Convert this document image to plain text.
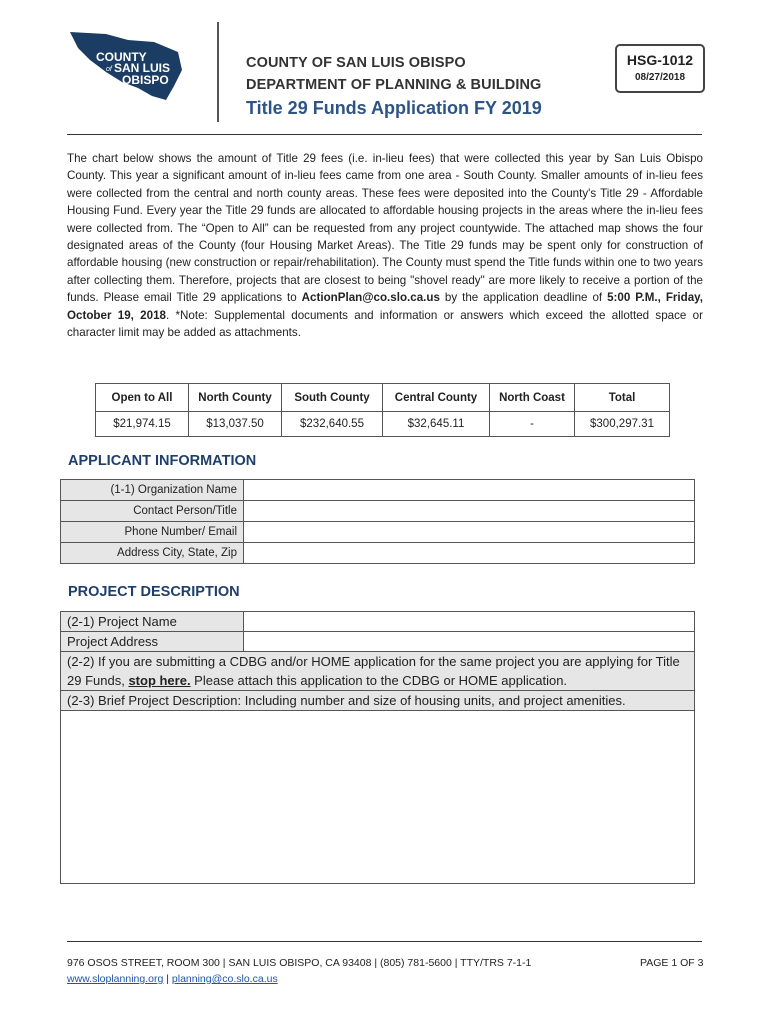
COUNTY
of SAN LUIS
OBISPO
COUNTY OF SAN LUIS OBISPO
DEPARTMENT OF PLANNING & BUILDING
Title 29 Funds Application FY 2019
HSG-1012
08/27/2018
The chart below shows the amount of Title 29 fees (i.e. in-lieu fees) that were collected this year by San Luis Obispo County. This year a significant amount of in-lieu fees came from one area - South County. Smaller amounts of in-lieu fees were collected from the central and north county areas. These fees were deposited into the County's Title 29 - Affordable Housing Fund. Every year the Title 29 funds are allocated to affordable housing projects in the areas where the in-lieu fees were collected from. The “Open to All” can be requested from any project countywide. The attached map shows the four designated areas of the County (four Housing Market Areas). The Title 29 funds may be spent only for construction of affordable housing (new construction or repair/rehabilitation). The County must spend the Title funds within one to two years after collecting them. Therefore, projects that are closest to being "shovel ready" are more likely to receive a portion of the funds. Please email Title 29 applications to ActionPlan@co.slo.ca.us by the application deadline of 5:00 P.M., Friday, October 19, 2018. *Note: Supplemental documents and information or answers which exceed the allotted space or character limit may be added as attachments.
Open to All	North County	South County	Central County	North Coast	Total
$21,974.15	$13,037.50	$232,640.55	$32,645.11	-	$300,297.31
APPLICANT INFORMATION
(1-1) Organization Name	
Contact Person/Title	
Phone Number/ Email	
Address City, State, Zip	
PROJECT DESCRIPTION
(2-1) Project Name	
Project Address	
(2-2) If you are submitting a CDBG and/or HOME application for the same project you are applying for Title 29 Funds, stop here. Please attach this application to the CDBG or HOME application.	
(2-3) Brief Project Description: Including number and size of housing units, and project amenities.	

976 OSOS STREET, ROOM 300 | SAN LUIS OBISPO, CA 93408 | (805) 781-5600 | TTY/TRS 7-1-1
www.sloplanning.org | planning@co.slo.ca.us
PAGE 1 OF 3
